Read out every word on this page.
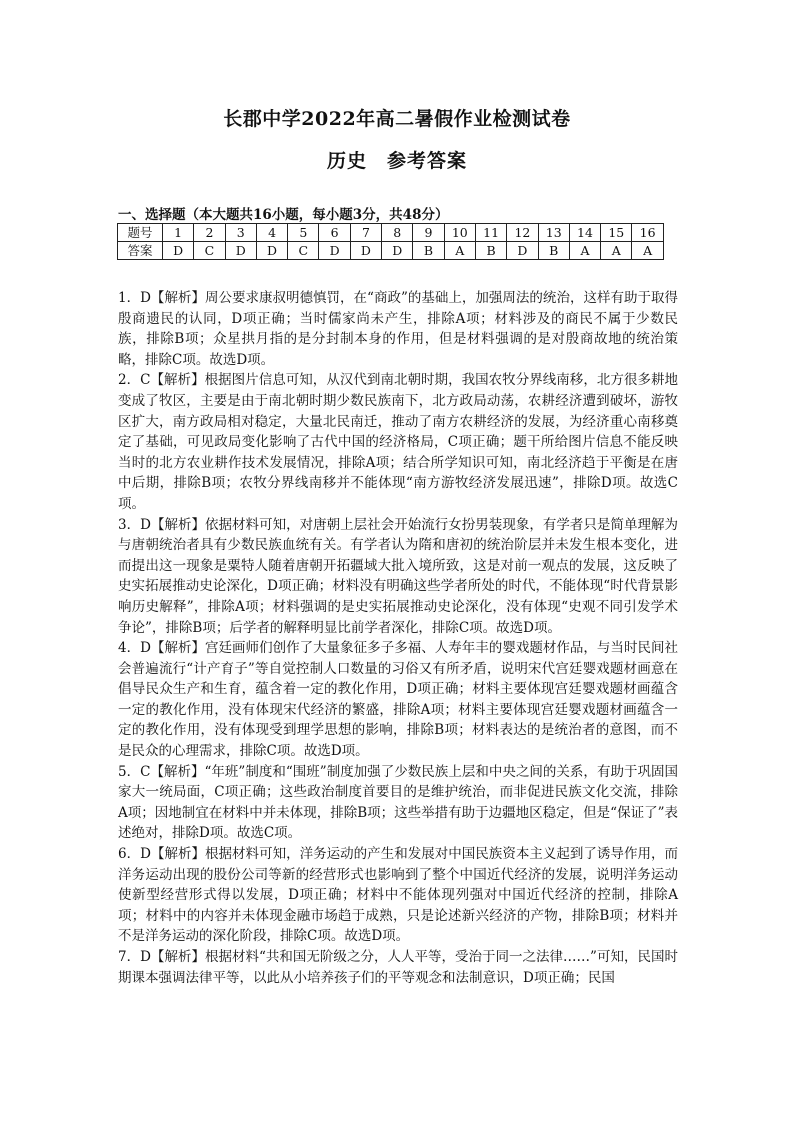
长郡中学2022年高二暑假作业检测试卷
历史　参考答案
一、选择题（本大题共16小题，每小题3分，共48分）
题号	1	2	3	4	5	6	7	8	9	10	11	12	13	14	15	16
答案	D	C	D	D	C	D	D	D	B	A	B	D	B	A	A	A

1．D【解析】周公要求康叔明德慎罚，在“商政”的基础上，加强周法的统治，这样有助于取得殷商遗民的认同，D项正确；当时儒家尚未产生，排除A项；材料涉及的商民不属于少数民族，排除B项；众星拱月指的是分封制本身的作用，但是材料强调的是对殷商故地的统治策略，排除C项。故选D项。

2．C【解析】根据图片信息可知，从汉代到南北朝时期，我国农牧分界线南移，北方很多耕地变成了牧区，主要是由于南北朝时期少数民族南下，北方政局动荡，农耕经济遭到破坏，游牧区扩大，南方政局相对稳定，大量北民南迁，推动了南方农耕经济的发展，为经济重心南移奠定了基础，可见政局变化影响了古代中国的经济格局，C项正确；题干所给图片信息不能反映当时的北方农业耕作技术发展情况，排除A项；结合所学知识可知，南北经济趋于平衡是在唐中后期，排除B项；农牧分界线南移并不能体现“南方游牧经济发展迅速”，排除D项。故选C项。

3．D【解析】依据材料可知，对唐朝上层社会开始流行女扮男装现象，有学者只是简单理解为与唐朝统治者具有少数民族血统有关。有学者认为隋和唐初的统治阶层并未发生根本变化，进而提出这一现象是粟特人随着唐朝开拓疆域大批入境所致，这是对前一观点的发展，这反映了史实拓展推动史论深化，D项正确；材料没有明确这些学者所处的时代，不能体现“时代背景影响历史解释”，排除A项；材料强调的是史实拓展推动史论深化，没有体现“史观不同引发学术争论”，排除B项；后学者的解释明显比前学者深化，排除C项。故选D项。

4．D【解析】宫廷画师们创作了大量象征多子多福、人寿年丰的婴戏题材作品，与当时民间社会普遍流行“计产育子”等自觉控制人口数量的习俗又有所矛盾，说明宋代宫廷婴戏题材画意在倡导民众生产和生育，蕴含着一定的教化作用，D项正确；材料主要体现宫廷婴戏题材画蕴含一定的教化作用，没有体现宋代经济的繁盛，排除A项；材料主要体现宫廷婴戏题材画蕴含一定的教化作用，没有体现受到理学思想的影响，排除B项；材料表达的是统治者的意图，而不是民众的心理需求，排除C项。故选D项。

5．C【解析】“年班”制度和“围班”制度加强了少数民族上层和中央之间的关系，有助于巩固国家大一统局面，C项正确；这些政治制度首要目的是维护统治，而非促进民族文化交流，排除A项；因地制宜在材料中并未体现，排除B项；这些举措有助于边疆地区稳定，但是“保证了”表述绝对，排除D项。故选C项。

6．D【解析】根据材料可知，洋务运动的产生和发展对中国民族资本主义起到了诱导作用，而洋务运动出现的股份公司等新的经营形式也影响到了整个中国近代经济的发展，说明洋务运动使新型经营形式得以发展，D项正确；材料中不能体现列强对中国近代经济的控制，排除A项；材料中的内容并未体现金融市场趋于成熟，只是论述新兴经济的产物，排除B项；材料并不是洋务运动的深化阶段，排除C项。故选D项。

7．D【解析】根据材料“共和国无阶级之分，人人平等，受治于同一之法律……”可知，民国时期课本强调法律平等，以此从小培养孩子们的平等观念和法制意识，D项正确；民国
